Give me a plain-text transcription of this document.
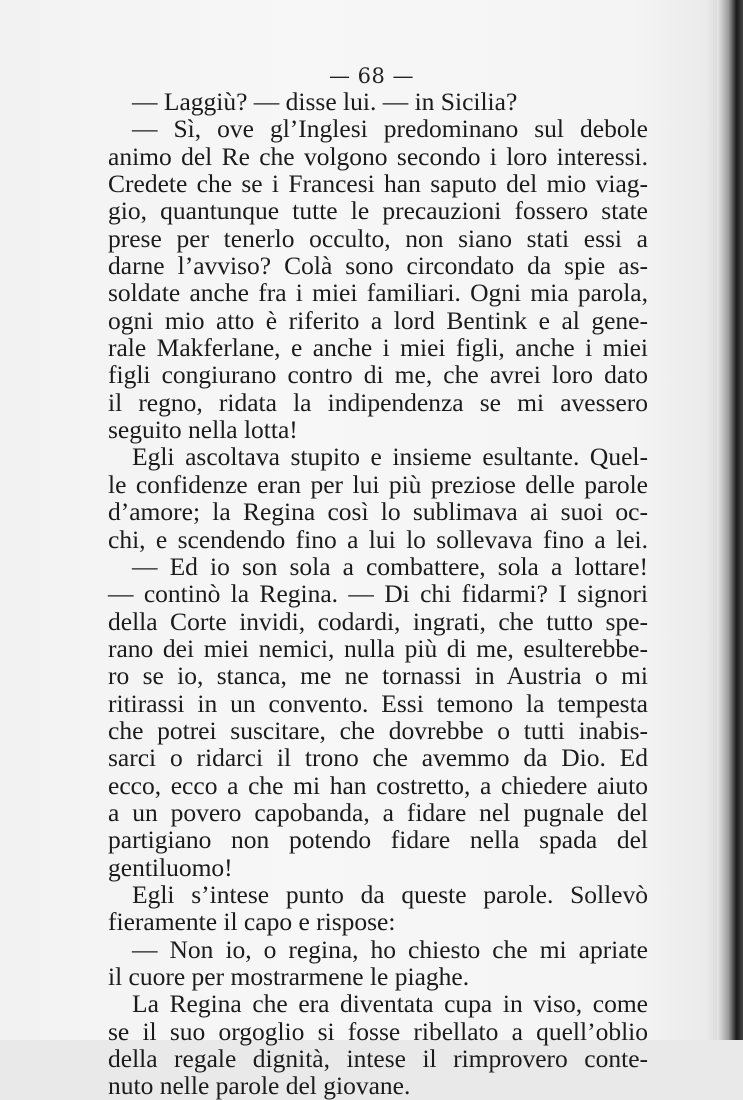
— 68 —
— Laggiù? — disse lui. — in Sicilia?
— Sì, ove gl’Inglesi predominano sul debole
animo del Re che volgono secondo i loro interessi.
Credete che se i Francesi han saputo del mio viag-
gio, quantunque tutte le precauzioni fossero state
prese per tenerlo occulto, non siano stati essi a
darne l’avviso? Colà sono circondato da spie as-
soldate anche fra i miei familiari. Ogni mia parola,
ogni mio atto è riferito a lord Bentink e al gene-
rale Makferlane, e anche i miei figli, anche i miei
figli congiurano contro di me, che avrei loro dato
il regno, ridata la indipendenza se mi avessero
seguito nella lotta!
Egli ascoltava stupito e insieme esultante. Quel-
le confidenze eran per lui più preziose delle parole
d’amore; la Regina così lo sublimava ai suoi oc-
chi, e scendendo fino a lui lo sollevava fino a lei.
— Ed io son sola a combattere, sola a lottare!
— continò la Regina. — Di chi fidarmi? I signori
della Corte invidi, codardi, ingrati, che tutto spe-
rano dei miei nemici, nulla più di me, esulterebbe-
ro se io, stanca, me ne tornassi in Austria o mi
ritirassi in un convento. Essi temono la tempesta
che potrei suscitare, che dovrebbe o tutti inabis-
sarci o ridarci il trono che avemmo da Dio. Ed
ecco, ecco a che mi han costretto, a chiedere aiuto
a un povero capobanda, a fidare nel pugnale del
partigiano non potendo fidare nella spada del
gentiluomo!
Egli s’intese punto da queste parole. Sollevò
fieramente il capo e rispose:
— Non io, o regina, ho chiesto che mi apriate
il cuore per mostrarmene le piaghe.
La Regina che era diventata cupa in viso, come
se il suo orgoglio si fosse ribellato a quell’oblio
della regale dignità, intese il rimprovero conte-
nuto nelle parole del giovane.
